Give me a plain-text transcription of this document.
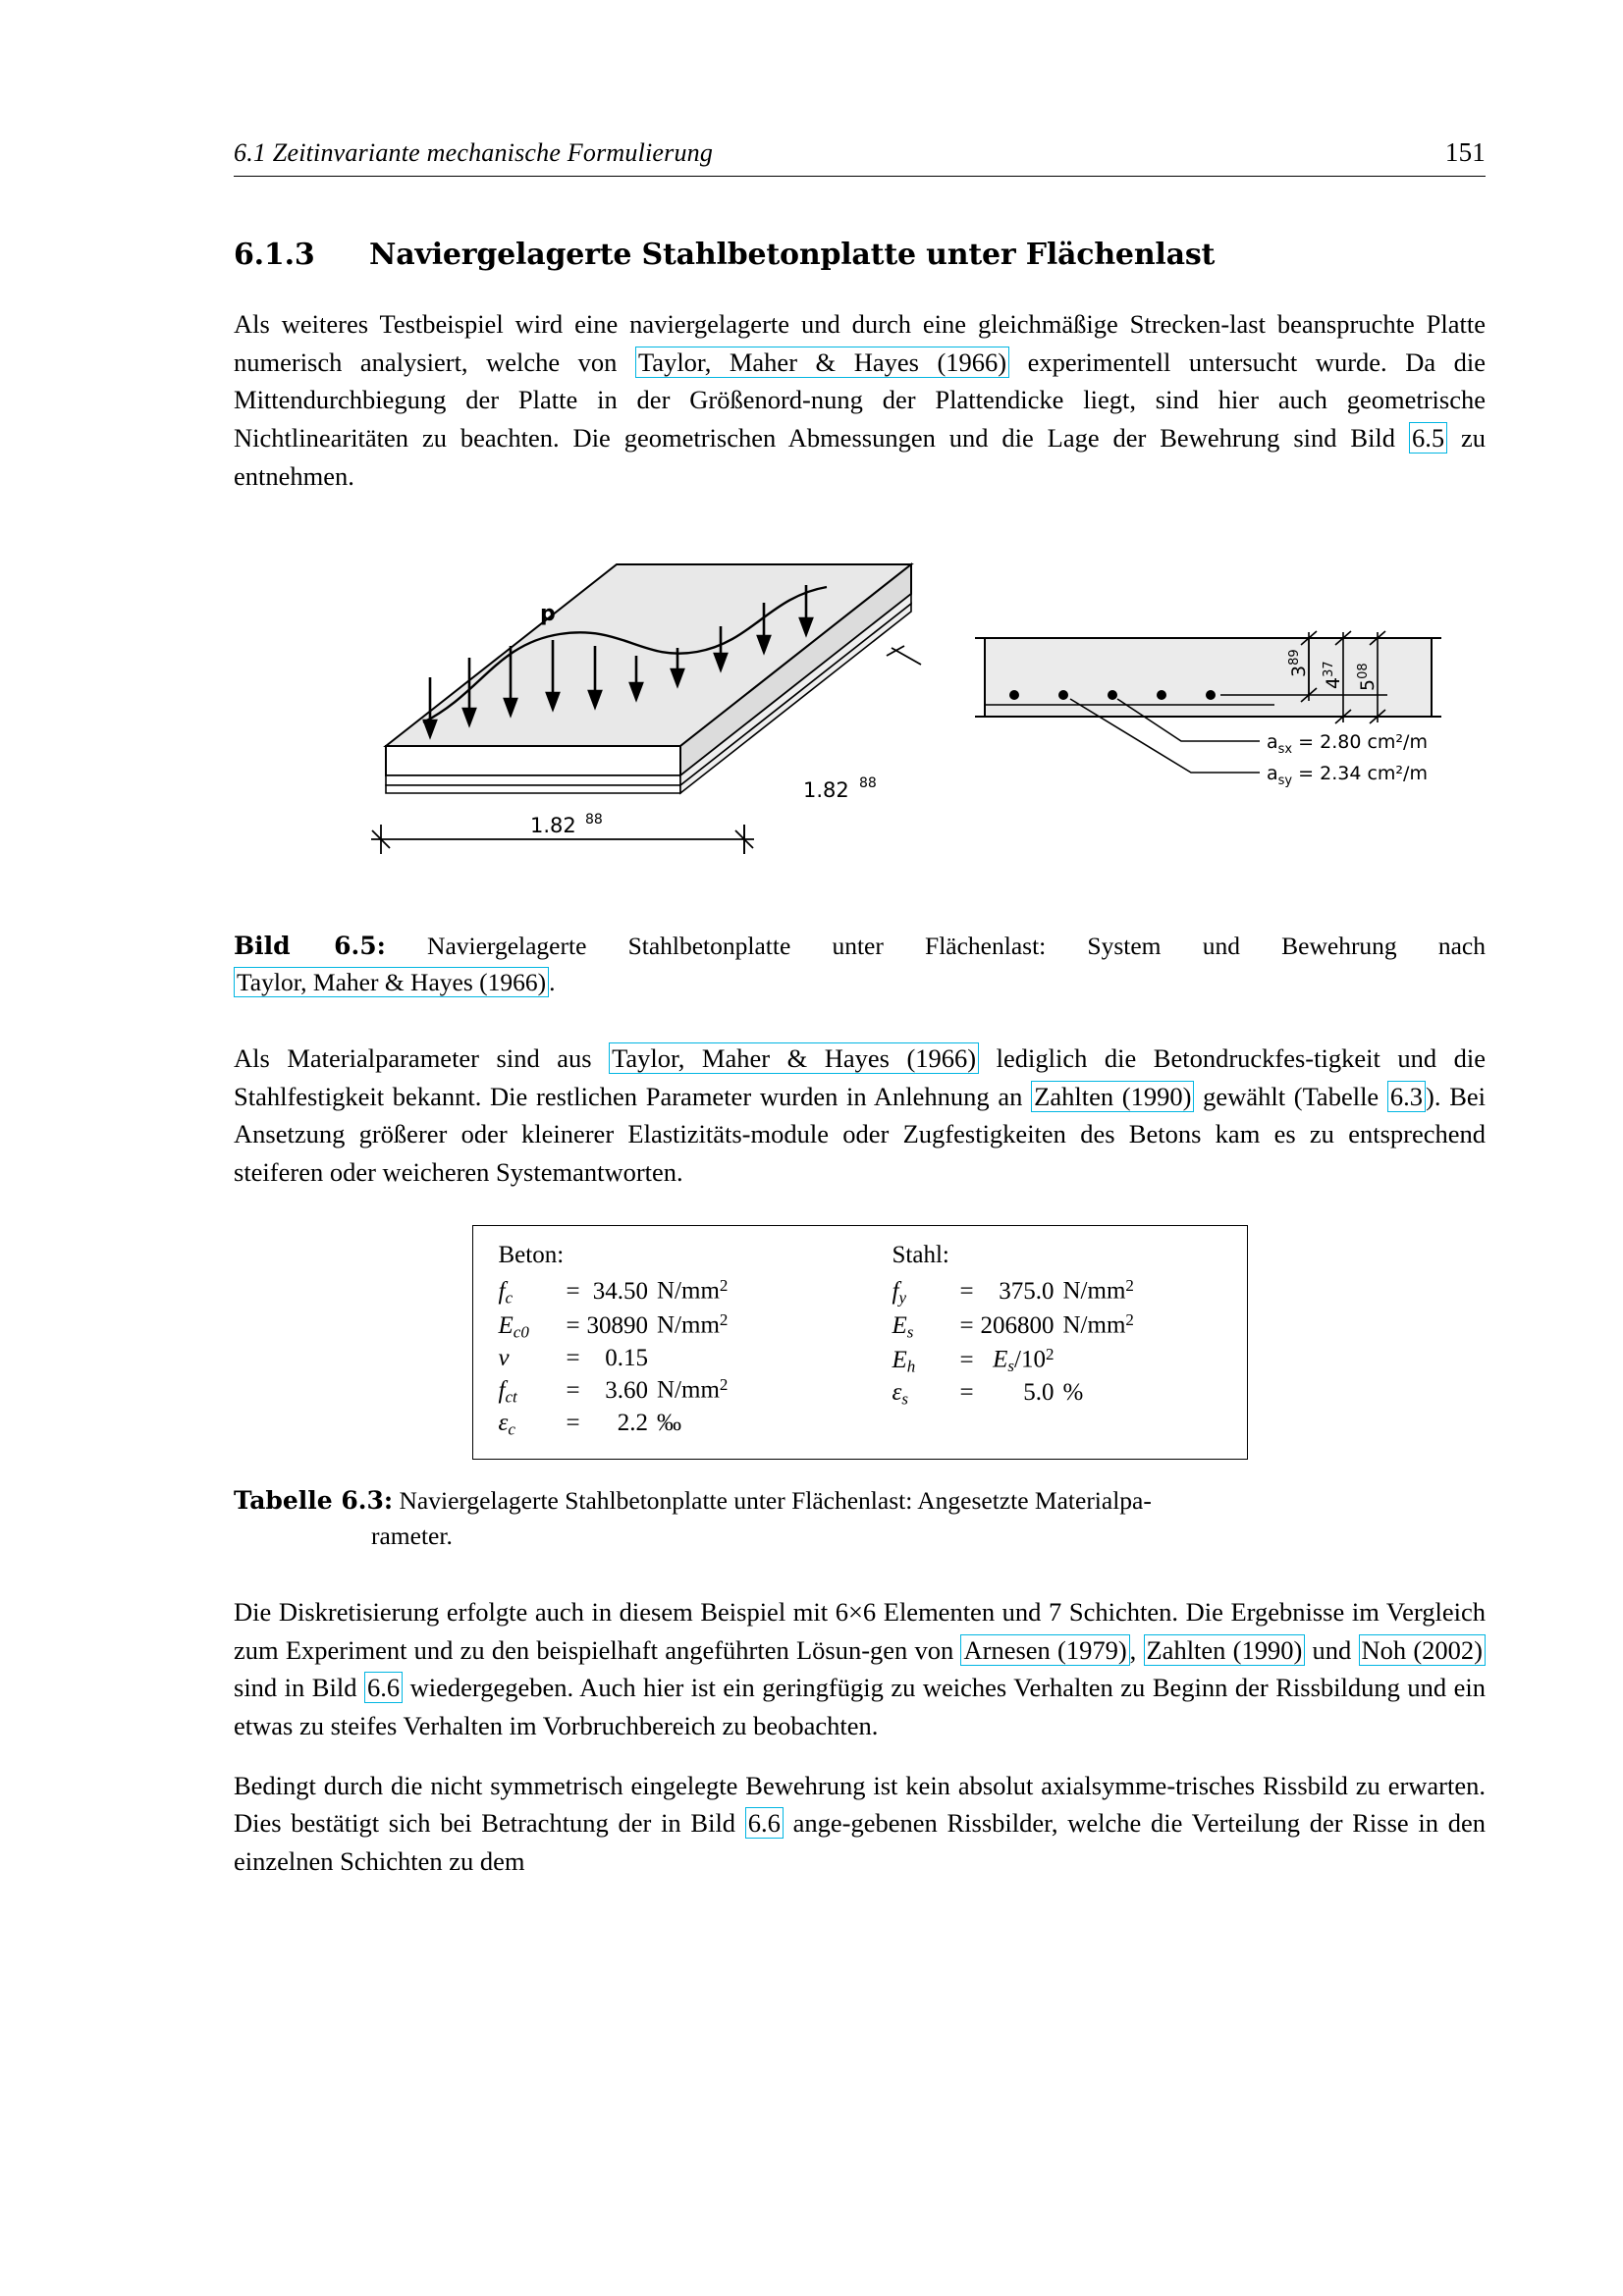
6.1 Zeitinvariante mechanische Formulierung	151
6.1.3 Naviergelagerte Stahlbetonplatte unter Flächenlast

Als weiteres Testbeispiel wird eine naviergelagerte und durch eine gleichmäßige Strecken-last beanspruchte Platte numerisch analysiert, welche von Taylor, Maher & Hayes (1966) experimentell untersucht wurde. Da die Mittendurchbiegung der Platte in der Größenord-nung der Plattendicke liegt, sind hier auch geometrische Nichtlinearitäten zu beachten. Die geometrischen Abmessungen und die Lage der Bewehrung sind Bild 6.5 zu entnehmen.

p
1.82 88
1.82 88
$a_{sx} = 2.80$ cm²/m
$a_{sy} = 2.34$ cm²/m
$3^{89}$
$4^{37}$
$5^{08}$
Bild 6.5: Naviergelagerte Stahlbetonplatte unter Flächenlast: System und Bewehrung nach Taylor, Maher & Hayes (1966) .

Als Materialparameter sind aus Taylor, Maher & Hayes (1966) lediglich die Betondruckfes-tigkeit und die Stahlfestigkeit bekannt. Die restlichen Parameter wurden in Anlehnung an Zahlten (1990) gewählt (Tabelle 6.3 ). Bei Ansetzung größerer oder kleinerer Elastizitäts-module oder Zugfestigkeiten des Betons kam es zu entsprechend steiferen oder weicheren Systemantworten.

Beton:
$f_c$	=	34.50	$N/mm^2$
$E_{c0}$	=	30890	$N/mm^2$
ν	=	0.15	
$f_{ct}$	=	3.60	$N/mm^2$
$\varepsilon_c$	=	2.2	‰
Stahl:
$f_y$	=	375.0	$N/mm^2$
$E_s$	=	206800	$N/mm^2$
$E_h$	=	$E_s/10^2$	
$\varepsilon_s$	=	5.0	%
Tabelle 6.3: Naviergelagerte Stahlbetonplatte unter Flächenlast: Angesetzte Materialpa-
rameter.

Die Diskretisierung erfolgte auch in diesem Beispiel mit 6×6 Elementen und 7 Schichten. Die Ergebnisse im Vergleich zum Experiment und zu den beispielhaft angeführten Lösun-gen von Arnesen (1979) , Zahlten (1990) und Noh (2002) sind in Bild 6.6 wiedergegeben. Auch hier ist ein geringfügig zu weiches Verhalten zu Beginn der Rissbildung und ein etwas zu steifes Verhalten im Vorbruchbereich zu beobachten.

Bedingt durch die nicht symmetrisch eingelegte Bewehrung ist kein absolut axialsymme-trisches Rissbild zu erwarten. Dies bestätigt sich bei Betrachtung der in Bild 6.6 ange-gebenen Rissbilder, welche die Verteilung der Risse in den einzelnen Schichten zu dem
